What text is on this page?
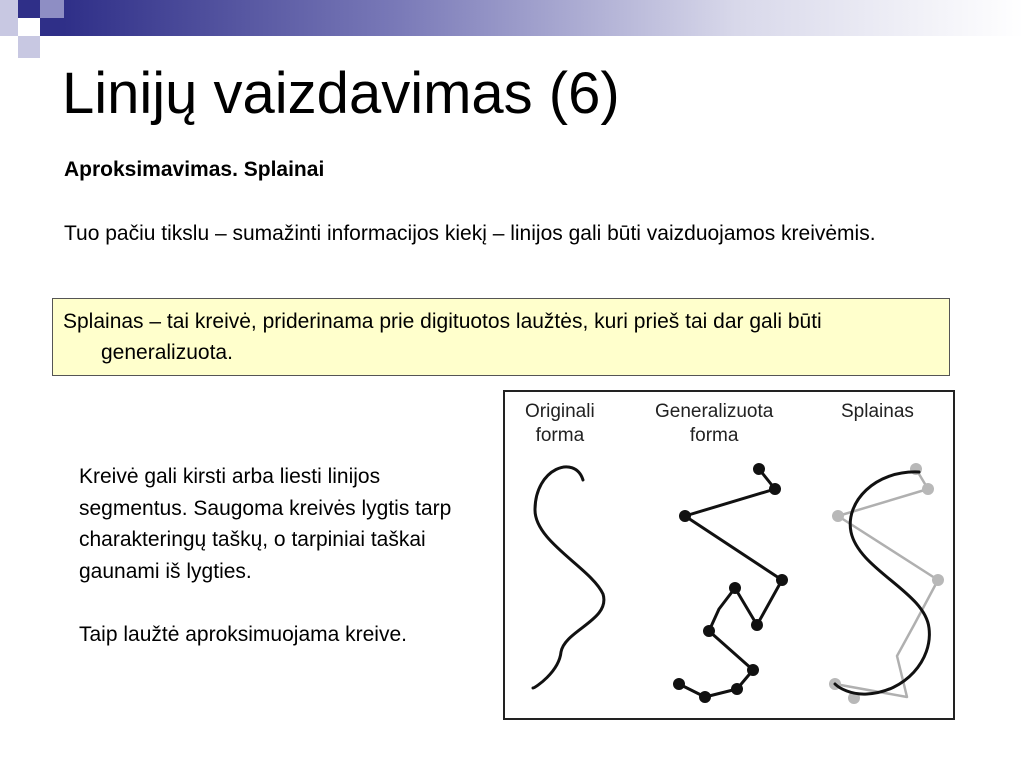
Linijų vaizdavimas (6)
Aproksimavimas. Splainai

Tuo pačiu tikslu – sumažinti informacijos kiekį – linijos gali būti vaizduojamos kreivėmis.

Splainas – tai kreivė, priderinama prie digituotos laužtės, kuri prieš tai dar gali būti generalizuota.

Kreivė gali kirsti arba liesti linijos segmentus. Saugoma kreivės lygtis tarp charakteringų taškų, o tarpiniai taškai gaunami iš lygties.

Taip laužtė aproksimuojama kreive.

Originali
forma
Generalizuota
forma
Splainas
